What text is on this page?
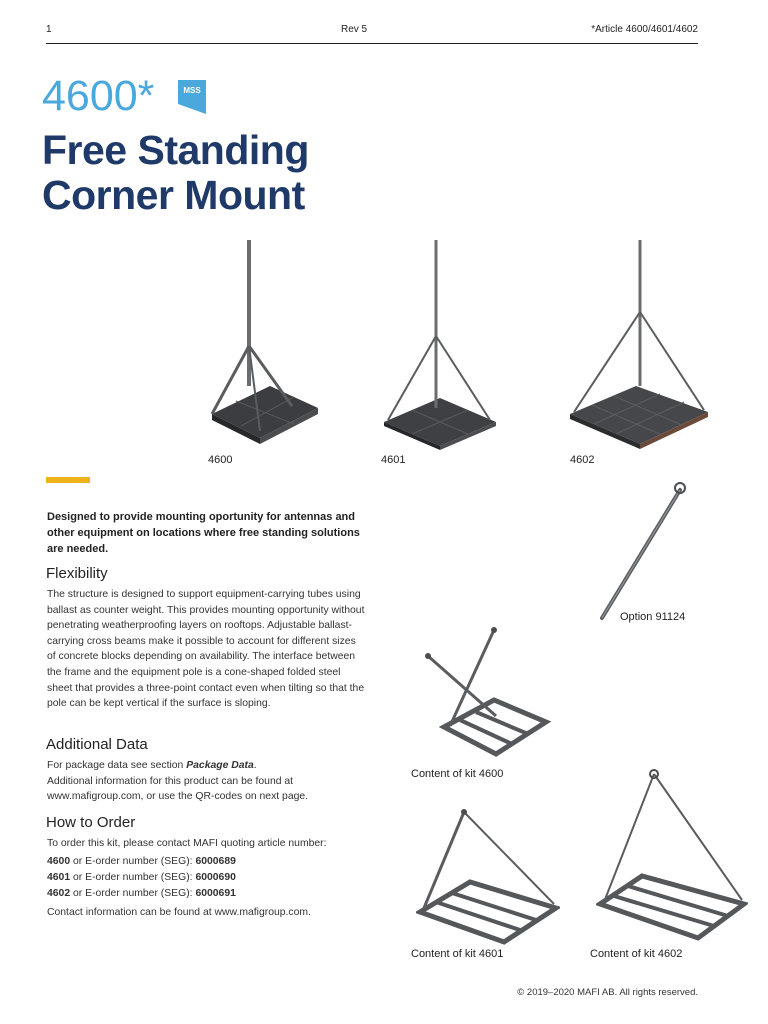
1	Rev 5	*Article 4600/4601/4602
4600*	MSS
Free Standing
Corner Mount
4600	4601	4602
Designed to provide mounting oportunity for antennas and other equipment on locations where free standing solutions are needed.
Flexibility
The structure is designed to support equipment-carrying tubes using ballast as counter weight. This provides mounting opportunity without penetrating weatherproofing layers on rooftops. Adjustable ballast-carrying cross beams make it possible to account for different sizes of concrete blocks depending on availability. The interface between the frame and the equipment pole is a cone-shaped folded steel sheet that provides a three-point contact even when tilting so that the pole can be kept vertical if the surface is sloping.
Additional Data
For package data see section Package Data.
Additional information for this product can be found at
www.mafigroup.com, or use the QR-codes on next page.
How to Order
To order this kit, please contact MAFI quoting article number:
4600 or E-order number (SEG): 6000689
4601 or E-order number (SEG): 6000690
4602 or E-order number (SEG): 6000691
Contact information can be found at www.mafigroup.com.
Option 91124
Content of kit 4600
Content of kit 4601	Content of kit 4602
© 2019–2020 MAFI AB. All rights reserved.
